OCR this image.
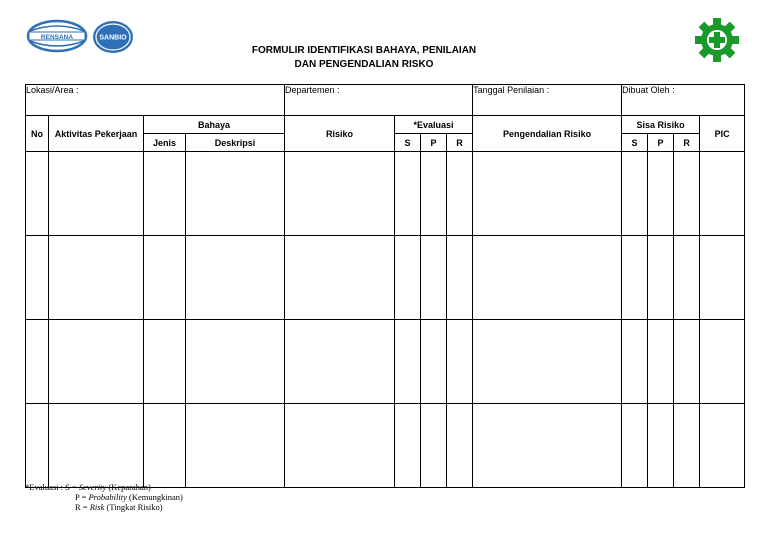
RENSANA	SANBIO
FORMULIR IDENTIFIKASI BAHAYA, PENILAIAN
DAN PENGENDALIAN RISKO
Lokasi/Area :				Departemen :				Tanggal Penilaian :	Dibuat Oleh :			
No	Aktivitas Pekerjaan	Bahaya		Risiko	*Evaluasi			Pengendalian Risiko	Sisa Risiko			PIC
		Jenis	Deskripsi		S	P	R		S	P	R	

*Evaluasi : S = Severity (Keparahan)
P = Probability (Kemungkinan)
R = Risk (Tingkat Risiko)
